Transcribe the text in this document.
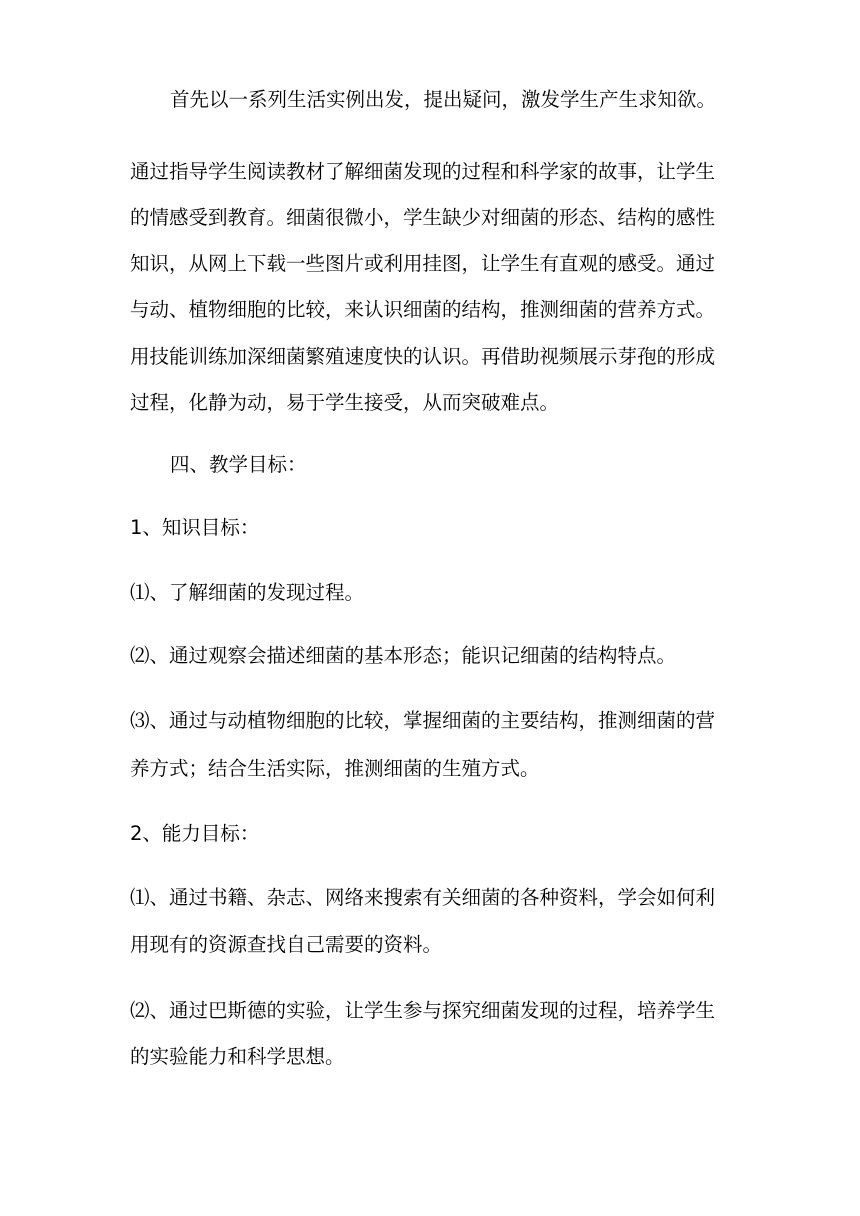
首先以一系列生活实例出发，提出疑问，激发学生产生求知欲。
通过指导学生阅读教材了解细菌发现的过程和科学家的故事，让学生
的情感受到教育。细菌很微小，学生缺少对细菌的形态、结构的感性
知识，从网上下载一些图片或利用挂图，让学生有直观的感受。通过
与动、植物细胞的比较，来认识细菌的结构，推测细菌的营养方式。
用技能训练加深细菌繁殖速度快的认识。再借助视频展示芽孢的形成
过程，化静为动，易于学生接受，从而突破难点。
四、教学目标：
1、知识目标：
⑴、了解细菌的发现过程。
⑵、通过观察会描述细菌的基本形态；能识记细菌的结构特点。
⑶、通过与动植物细胞的比较，掌握细菌的主要结构，推测细菌的营
养方式；结合生活实际，推测细菌的生殖方式。
2、能力目标：
⑴、通过书籍、杂志、网络来搜索有关细菌的各种资料，学会如何利
用现有的资源查找自己需要的资料。
⑵、通过巴斯德的实验，让学生参与探究细菌发现的过程，培养学生
的实验能力和科学思想。
